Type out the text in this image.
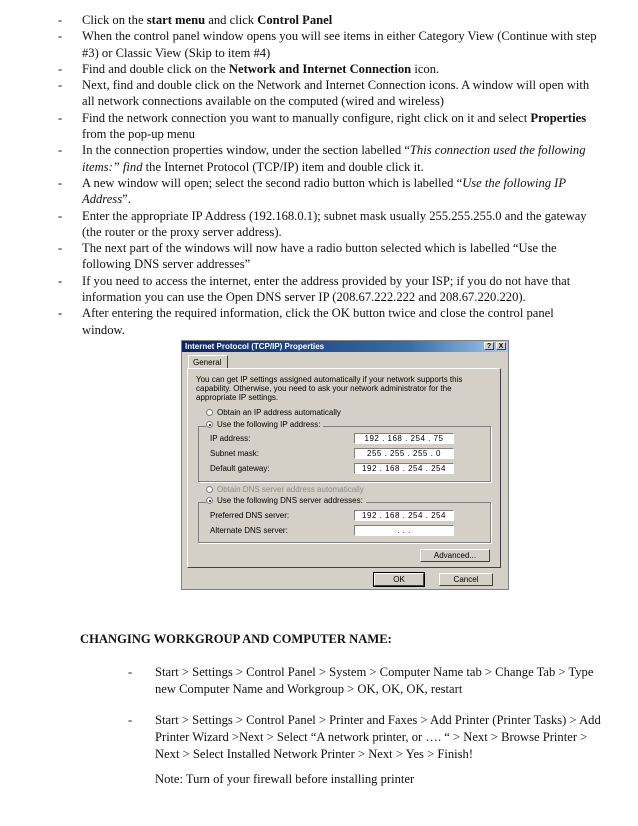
- Click on the start menu and click Control Panel
- When the control panel window opens you will see items in either Category View (Continue with step #3) or Classic View (Skip to item #4)
- Find and double click on the Network and Internet Connection icon.
- Next, find and double click on the Network and Internet Connection icons. A window will open with all network connections available on the computed (wired and wireless)
- Find the network connection you want to manually configure, right click on it and select Properties from the pop-up menu
- In the connection properties window, under the section labelled “This connection used the following items:” find the Internet Protocol (TCP/IP) item and double click it.
- A new window will open; select the second radio button which is labelled “Use the following IP Address”.
- Enter the appropriate IP Address (192.168.0.1); subnet mask usually 255.255.255.0 and the gateway (the router or the proxy server address).
- The next part of the windows will now have a radio button selected which is labelled “Use the following DNS server addresses”
- If you need to access the internet, enter the address provided by your ISP; if you do not have that information you can use the Open DNS server IP (208.67.222.222 and 208.67.220.220).
- After entering the required information, click the OK button twice and close the control panel window.
Internet Protocol (TCP/IP) Properties	?	X
General
You can get IP settings assigned automatically if your network supports this capability. Otherwise, you need to ask your network administrator for the appropriate IP settings.
Obtain an IP address automatically
Use the following IP address:
IP address:	192 . 168 . 254 . 75
Subnet mask:	255 . 255 . 255 . 0
Default gateway:	192 . 168 . 254 . 254
Obtain DNS server address automatically
Use the following DNS server addresses:
Preferred DNS server:	192 . 168 . 254 . 254
Alternate DNS server:	. . .
Advanced...
OK	Cancel
CHANGING WORKGROUP AND COMPUTER NAME:
- Start > Settings > Control Panel > System > Computer Name tab > Change Tab > Type new Computer Name and Workgroup > OK, OK, OK, restart
- Start > Settings > Control Panel > Printer and Faxes > Add Printer (Printer Tasks) > Add Printer Wizard >Next > Select “A network printer, or …. “ > Next > Browse Printer > Next > Select Installed Network Printer > Next > Yes > Finish!
Note: Turn of your firewall before installing printer
